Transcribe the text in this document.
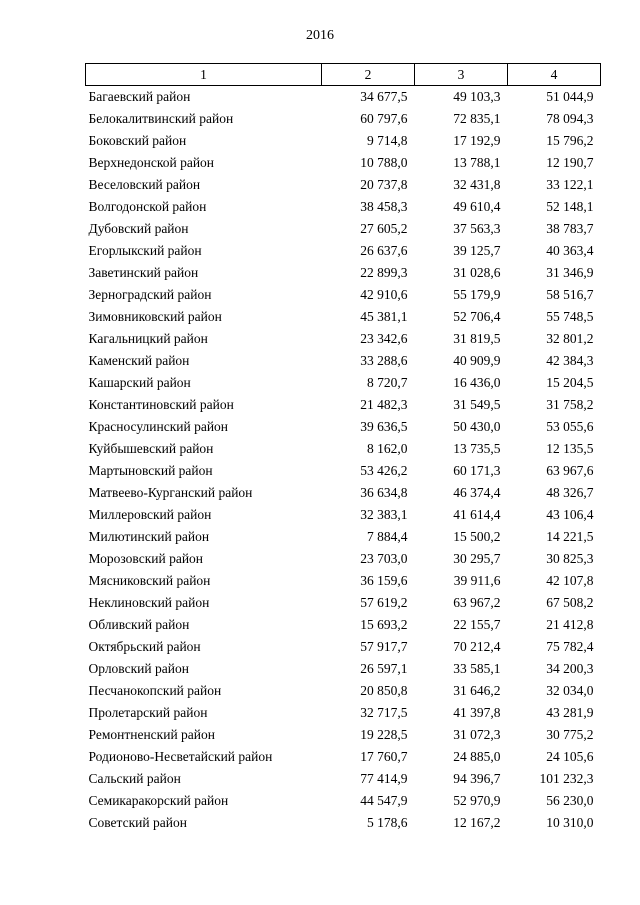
2016
1	2	3	4
Багаевский район	34 677,5	49 103,3	51 044,9
Белокалитвинский район	60 797,6	72 835,1	78 094,3
Боковский район	9 714,8	17 192,9	15 796,2
Верхнедонской район	10 788,0	13 788,1	12 190,7
Веселовский район	20 737,8	32 431,8	33 122,1
Волгодонской район	38 458,3	49 610,4	52 148,1
Дубовский район	27 605,2	37 563,3	38 783,7
Егорлыкский район	26 637,6	39 125,7	40 363,4
Заветинский район	22 899,3	31 028,6	31 346,9
Зерноградский район	42 910,6	55 179,9	58 516,7
Зимовниковский район	45 381,1	52 706,4	55 748,5
Кагальницкий район	23 342,6	31 819,5	32 801,2
Каменский район	33 288,6	40 909,9	42 384,3
Кашарский район	8 720,7	16 436,0	15 204,5
Константиновский район	21 482,3	31 549,5	31 758,2
Красносулинский район	39 636,5	50 430,0	53 055,6
Куйбышевский район	8 162,0	13 735,5	12 135,5
Мартыновский район	53 426,2	60 171,3	63 967,6
Матвеево-Курганский район	36 634,8	46 374,4	48 326,7
Миллеровский район	32 383,1	41 614,4	43 106,4
Милютинский район	7 884,4	15 500,2	14 221,5
Морозовский район	23 703,0	30 295,7	30 825,3
Мясниковский район	36 159,6	39 911,6	42 107,8
Неклиновский район	57 619,2	63 967,2	67 508,2
Обливский район	15 693,2	22 155,7	21 412,8
Октябрьский район	57 917,7	70 212,4	75 782,4
Орловский район	26 597,1	33 585,1	34 200,3
Песчанокопский район	20 850,8	31 646,2	32 034,0
Пролетарский район	32 717,5	41 397,8	43 281,9
Ремонтненский район	19 228,5	31 072,3	30 775,2
Родионово-Несветайский район	17 760,7	24 885,0	24 105,6
Сальский район	77 414,9	94 396,7	101 232,3
Семикаракорский район	44 547,9	52 970,9	56 230,0
Советский район	5 178,6	12 167,2	10 310,0
